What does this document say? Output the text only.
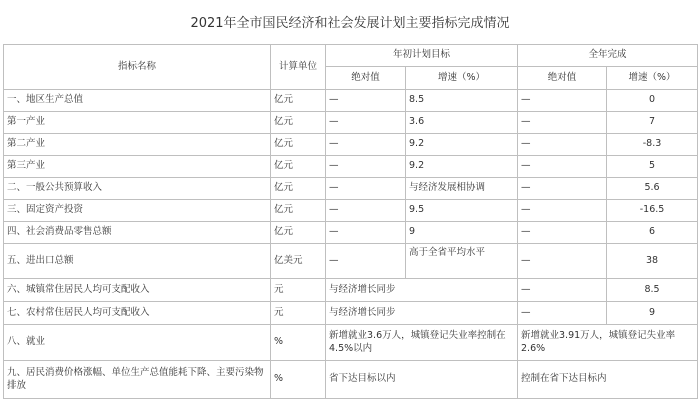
2021年全市国民经济和社会发展计划主要指标完成情况
指标名称	计算单位	年初计划目标		全年完成	
		绝对值	增速（%）	绝对值	增速（%）
一、地区生产总值	亿元	—	8.5	—	0
第一产业	亿元	—	3.6	—	7
第二产业	亿元	—	9.2	—	-8.3
第三产业	亿元	—	9.2	—	5
二、一般公共预算收入	亿元	—	与经济发展相协调	—	5.6
三、固定资产投资	亿元	—	9.5	—	-16.5
四、社会消费品零售总额	亿元	—	9	—	6
五、进出口总额	亿美元	—	高于全省平均水平	—	38
六、城镇常住居民人均可支配收入	元	与经济增长同步		—	8.5
七、农村常住居民人均可支配收入	元	与经济增长同步		—	9
八、就业	%	新增就业3.6万人，城镇登记失业率控制在4.5%以内		新增就业3.91万人，城镇登记失业率2.6%	
九、居民消费价格涨幅、单位生产总值能耗下降、主要污染物排放	%	省下达目标以内		控制在省下达目标内	
